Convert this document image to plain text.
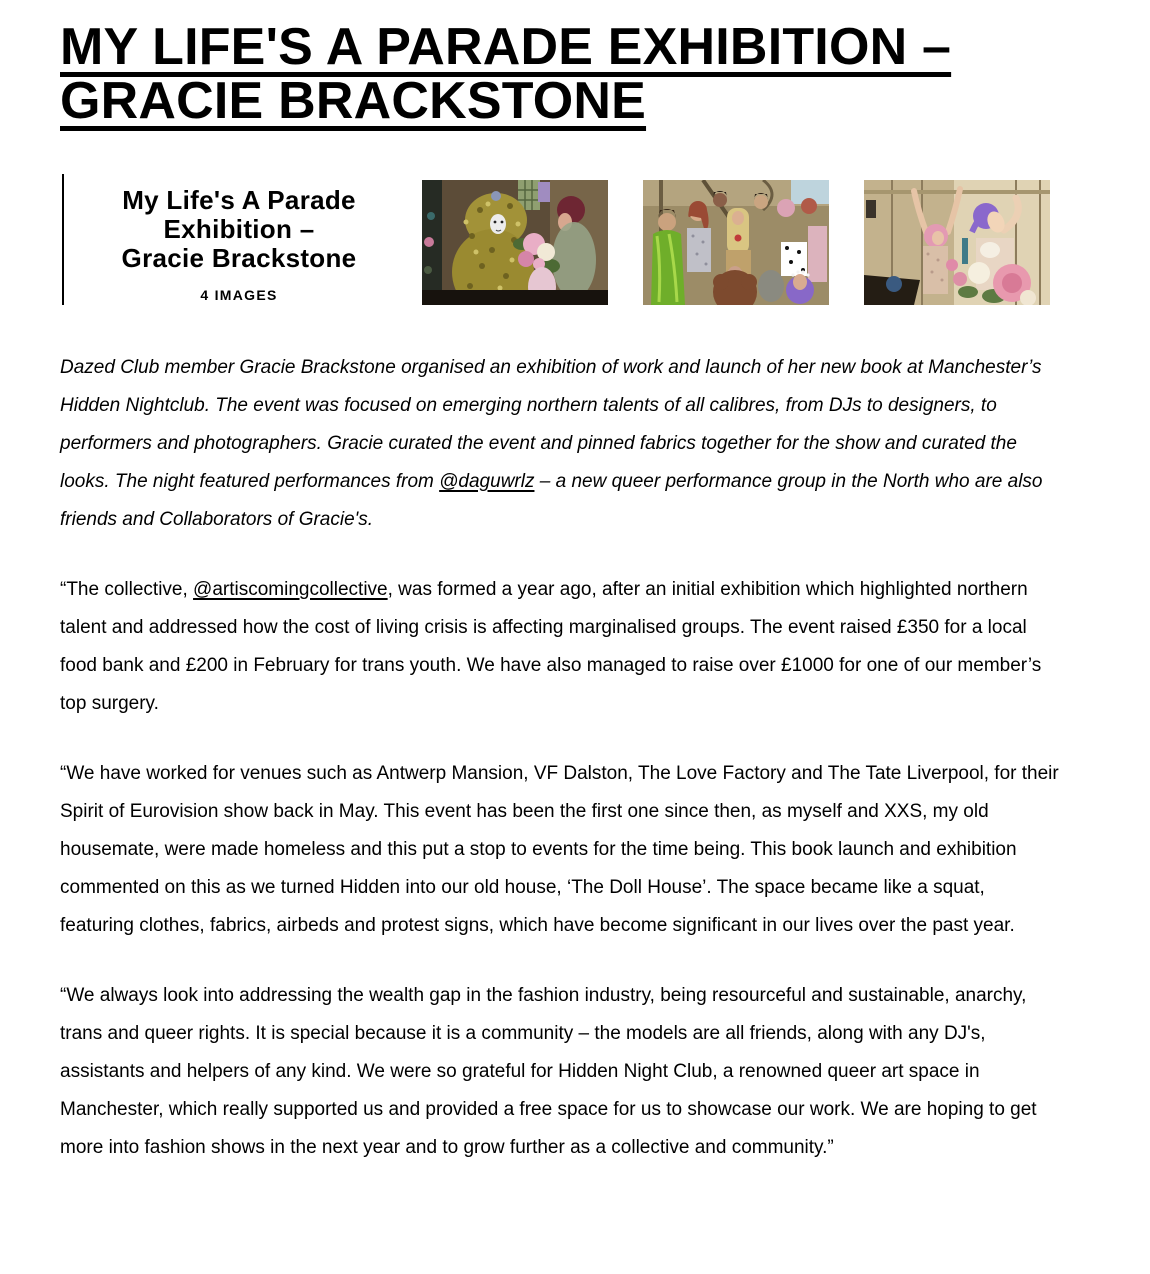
MY LIFE'S A PARADE EXHIBITION –
GRACIE BRACKSTONE
My Life's A Parade
Exhibition –
Gracie Brackstone
4 IMAGES

Dazed Club member Gracie Brackstone organised an exhibition of work and launch of her new book at Manchester’s Hidden Nightclub. The event was focused on emerging northern talents of all calibres, from DJs to designers, to performers and photographers. Gracie curated the event and pinned fabrics together for the show and curated the looks. The night featured performances from @daguwrlz – a new queer performance group in the North who are also friends and Collaborators of Gracie's.

“The collective, @artiscomingcollective, was formed a year ago, after an initial exhibition which highlighted northern talent and addressed how the cost of living crisis is affecting marginalised groups. The event raised £350 for a local food bank and £200 in February for trans youth. We have also managed to raise over £1000 for one of our member’s top surgery.

“We have worked for venues such as Antwerp Mansion, VF Dalston, The Love Factory and The Tate Liverpool, for their Spirit of Eurovision show back in May. This event has been the first one since then, as myself and XXS, my old housemate, were made homeless and this put a stop to events for the time being. This book launch and exhibition commented on this as we turned Hidden into our old house, ‘The Doll House’. The space became like a squat, featuring clothes, fabrics, airbeds and protest signs, which have become significant in our lives over the past year.

“We always look into addressing the wealth gap in the fashion industry, being resourceful and sustainable, anarchy, trans and queer rights. It is special because it is a community – the models are all friends, along with any DJ's, assistants and helpers of any kind. We were so grateful for Hidden Night Club, a renowned queer art space in Manchester, which really supported us and provided a free space for us to showcase our work. We are hoping to get more into fashion shows in the next year and to grow further as a collective and community.”
